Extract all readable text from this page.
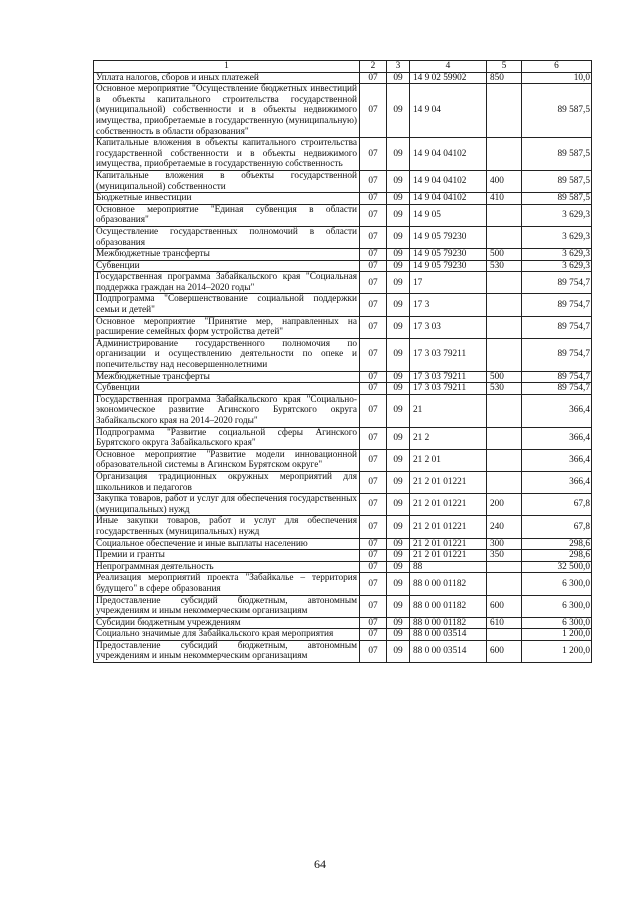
1	2	3	4	5	6
Уплата налогов, сборов и иных платежей	07	09	14 9 02 59902	850	10,0
Основное мероприятие "Осуществление бюджетных инвестиций в объекты капитального строительства государственной (муниципальной) собственности и в объекты недвижимого имущества, приобретаемые в государственную (муниципальную) собственность в области образования"	07	09	14 9 04		89 587,5
Капитальные вложения в объекты капитального строительства государственной собственности и в объекты недвижимого имущества, приобретаемые в государственную собственность	07	09	14 9 04 04102		89 587,5
Капитальные вложения в объекты государственной (муниципальной) собственности	07	09	14 9 04 04102	400	89 587,5
Бюджетные инвестиции	07	09	14 9 04 04102	410	89 587,5
Основное мероприятие "Единая субвенция в области образования"	07	09	14 9 05		3 629,3
Осуществление государственных полномочий в области образования	07	09	14 9 05 79230		3 629,3
Межбюджетные трансферты	07	09	14 9 05 79230	500	3 629,3
Субвенции	07	09	14 9 05 79230	530	3 629,3
Государственная программа Забайкальского края "Социальная поддержка граждан на 2014–2020 годы"	07	09	17		89 754,7
Подпрограмма "Совершенствование социальной поддержки семьи и детей"	07	09	17 3		89 754,7
Основное мероприятие "Принятие мер, направленных на расширение семейных форм устройства детей"	07	09	17 3 03		89 754,7
Администрирование государственного полномочия по организации и осуществлению деятельности по опеке и попечительству над несовершеннолетними	07	09	17 3 03 79211		89 754,7
Межбюджетные трансферты	07	09	17 3 03 79211	500	89 754,7
Субвенции	07	09	17 3 03 79211	530	89 754,7
Государственная программа Забайкальского края "Социально-экономическое развитие Агинского Бурятского округа Забайкальского края на 2014–2020 годы"	07	09	21		366,4
Подпрограмма "Развитие социальной сферы Агинского Бурятского округа Забайкальского края"	07	09	21 2		366,4
Основное мероприятие "Развитие модели инновационной образовательной системы в Агинском Бурятском округе"	07	09	21 2 01		366,4
Организация традиционных окружных мероприятий для школьников и педагогов	07	09	21 2 01 01221		366,4
Закупка товаров, работ и услуг для обеспечения государственных (муниципальных) нужд	07	09	21 2 01 01221	200	67,8
Иные закупки товаров, работ и услуг для обеспечения государственных (муниципальных) нужд	07	09	21 2 01 01221	240	67,8
Социальное обеспечение и иные выплаты населению	07	09	21 2 01 01221	300	298,6
Премии и гранты	07	09	21 2 01 01221	350	298,6
Непрограммная деятельность	07	09	88		32 500,0
Реализация мероприятий проекта "Забайкалье – территория будущего" в сфере образования	07	09	88 0 00 01182		6 300,0
Предоставление субсидий бюджетным, автономным учреждениям и иным некоммерческим организациям	07	09	88 0 00 01182	600	6 300,0
Субсидии бюджетным учреждениям	07	09	88 0 00 01182	610	6 300,0
Социально значимые для Забайкальского края мероприятия	07	09	88 0 00 03514		1 200,0
Предоставление субсидий бюджетным, автономным учреждениям и иным некоммерческим организациям	07	09	88 0 00 03514	600	1 200,0
64
